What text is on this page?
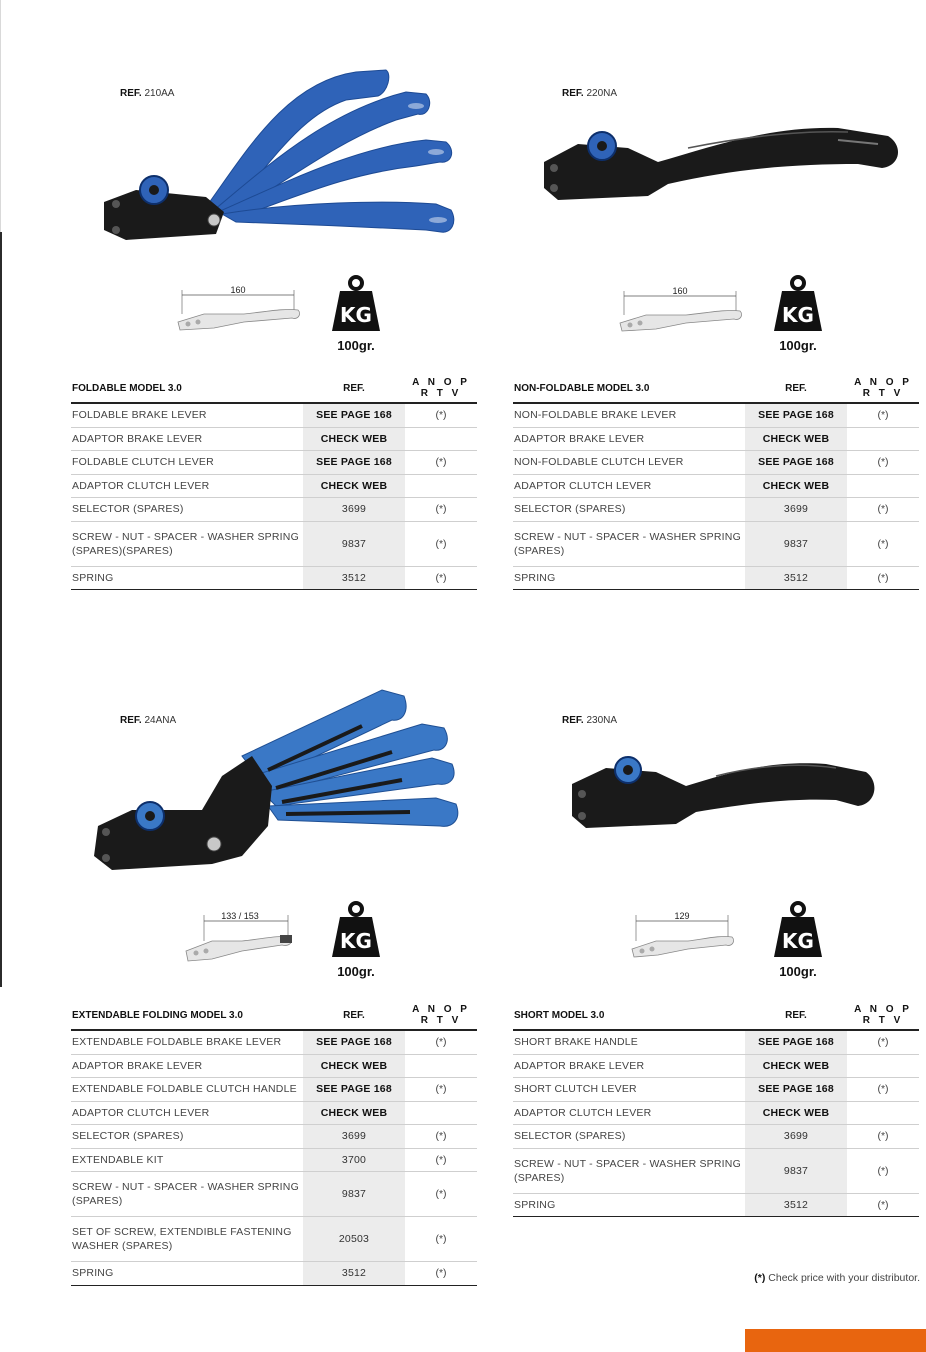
REF. 210AA
160
KG
100gr.
FOLDABLE MODEL 3.0	REF.	A N O P R T V
FOLDABLE BRAKE LEVER	SEE PAGE 168	(*)
ADAPTOR BRAKE LEVER	CHECK WEB	
FOLDABLE CLUTCH LEVER	SEE PAGE 168	(*)
ADAPTOR CLUTCH LEVER	CHECK WEB	
SELECTOR (SPARES)	3699	(*)
SCREW - NUT - SPACER - WASHER SPRING
(SPARES)(SPARES)	9837	(*)
SPRING	3512	(*)
REF. 220NA
160
KG
100gr.
NON-FOLDABLE MODEL 3.0	REF.	A N O P R T V
NON-FOLDABLE BRAKE LEVER	SEE PAGE 168	(*)
ADAPTOR BRAKE LEVER	CHECK WEB	
NON-FOLDABLE CLUTCH LEVER	SEE PAGE 168	(*)
ADAPTOR CLUTCH LEVER	CHECK WEB	
SELECTOR (SPARES)	3699	(*)
SCREW - NUT - SPACER - WASHER SPRING
(SPARES)	9837	(*)
SPRING	3512	(*)
REF. 24ANA
133 / 153
KG
100gr.
EXTENDABLE FOLDING MODEL 3.0	REF.	A N O P R T V
EXTENDABLE FOLDABLE BRAKE LEVER	SEE PAGE 168	(*)
ADAPTOR BRAKE LEVER	CHECK WEB	
EXTENDABLE FOLDABLE CLUTCH HANDLE	SEE PAGE 168	(*)
ADAPTOR CLUTCH LEVER	CHECK WEB	
SELECTOR (SPARES)	3699	(*)
EXTENDABLE KIT	3700	(*)
SCREW - NUT - SPACER - WASHER SPRING
(SPARES)	9837	(*)
SET OF SCREW, EXTENDIBLE FASTENING
WASHER (SPARES)	20503	(*)
SPRING	3512	(*)
REF. 230NA
129
KG
100gr.
SHORT MODEL 3.0	REF.	A N O P R T V
SHORT BRAKE HANDLE	SEE PAGE 168	(*)
ADAPTOR BRAKE LEVER	CHECK WEB	
SHORT CLUTCH LEVER	SEE PAGE 168	(*)
ADAPTOR CLUTCH LEVER	CHECK WEB	
SELECTOR (SPARES)	3699	(*)
SCREW - NUT - SPACER - WASHER SPRING
(SPARES)	9837	(*)
SPRING	3512	(*)
(*) Check price with your distributor.
